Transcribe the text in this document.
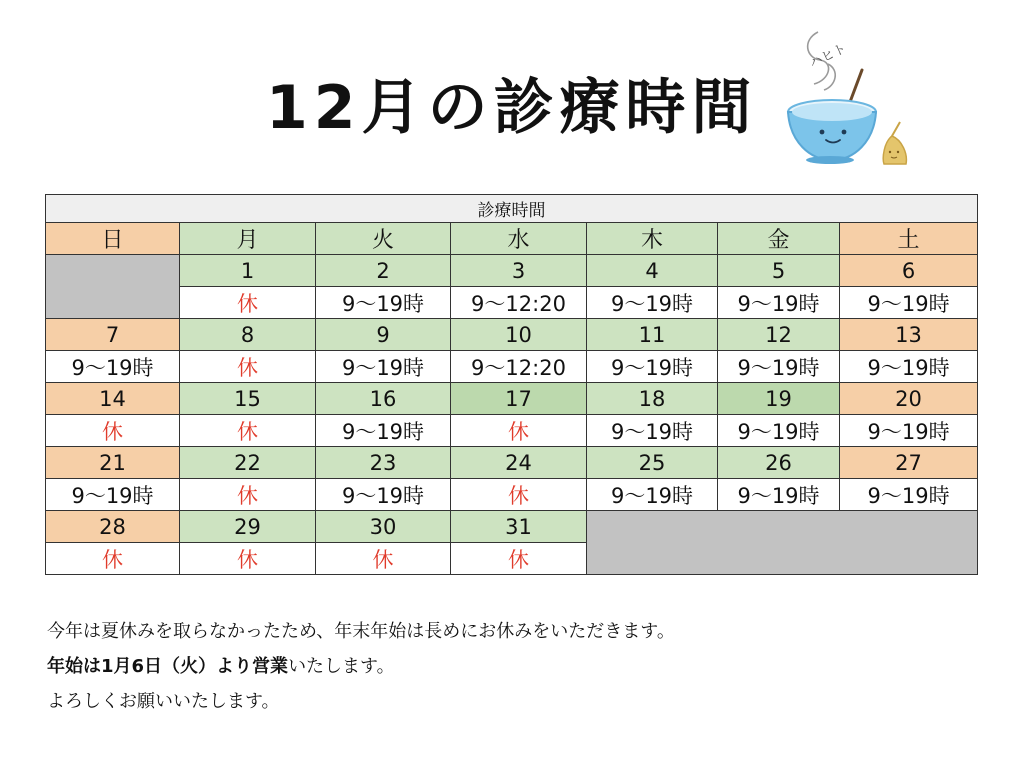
12月の診療時間
ハヒト
診療時間						
日	月	火	水	木	金	土
	1	2	3	4	5	6
	休	9～19時	9～12:20	9～19時	9～19時	9～19時
7	8	9	10	11	12	13
9～19時	休	9～19時	9～12:20	9～19時	9～19時	9～19時
14	15	16	17	18	19	20
休	休	9～19時	休	9～19時	9～19時	9～19時
21	22	23	24	25	26	27
9～19時	休	9～19時	休	9～19時	9～19時	9～19時
28	29	30	31			
休	休	休	休			

今年は夏休みを取らなかったため、年末年始は長めにお休みをいただきます。

年始は1月6日（火）より営業いたします。

よろしくお願いいたします。
